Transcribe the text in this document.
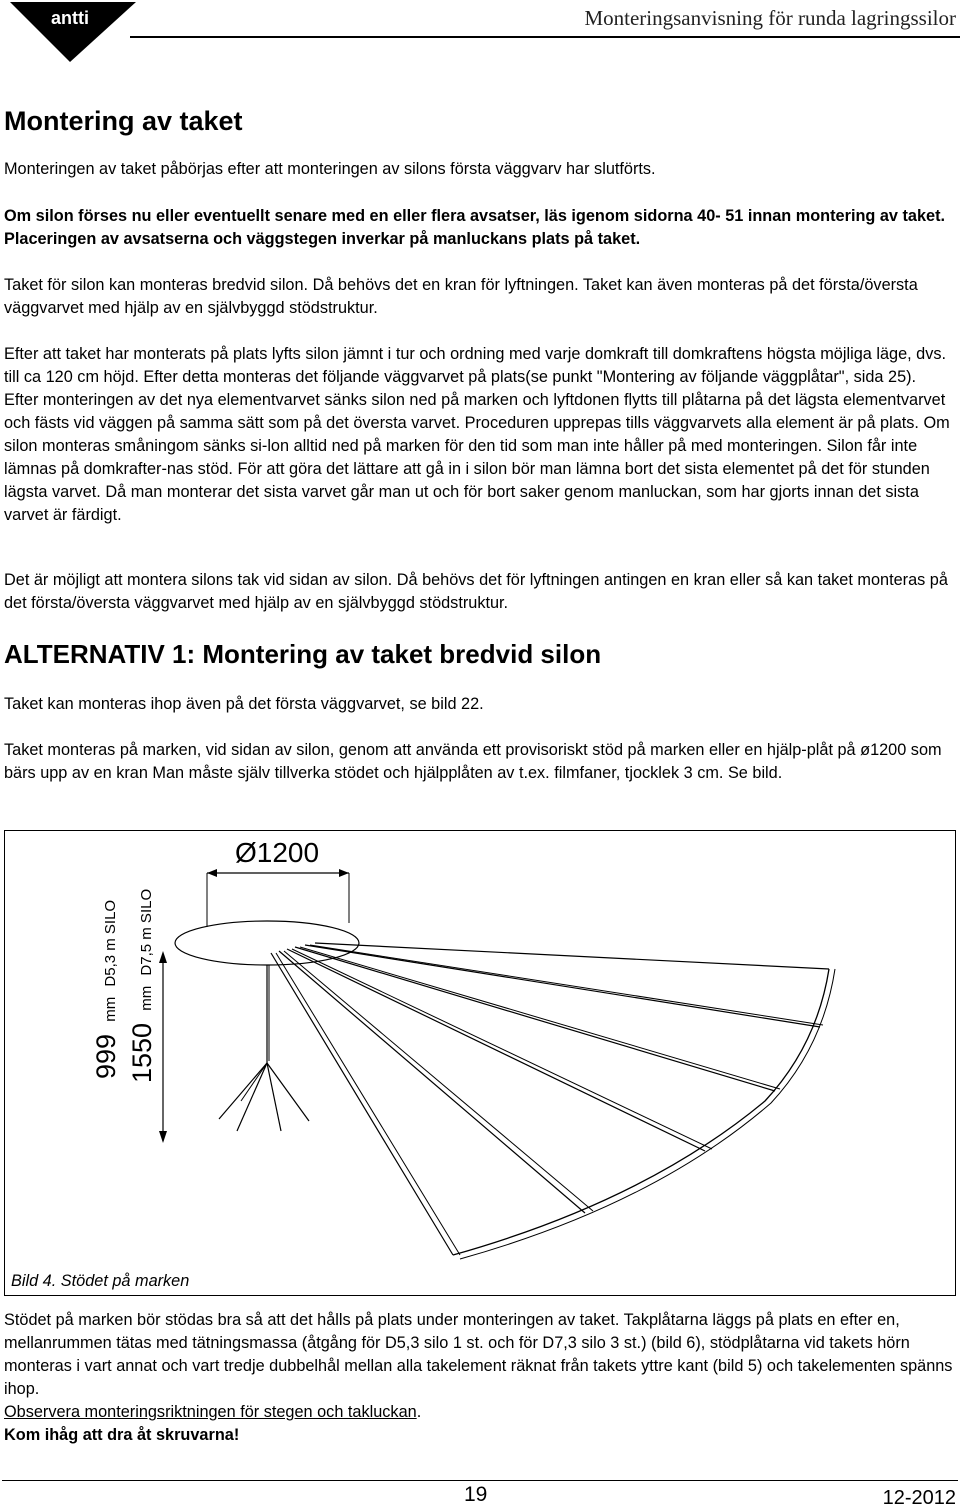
antti	Monteringsanvisning för runda lagringssilor
Montering av taket

Monteringen av taket påbörjas efter att monteringen av silons första väggvarv har slutförts.

Om silon förses nu eller eventuellt senare med en eller flera avsatser, läs igenom sidorna 40- 51 innan montering av taket. Placeringen av avsatserna och väggstegen inverkar på manluckans plats på taket.

Taket för silon kan monteras bredvid silon. Då behövs det en kran för lyftningen. Taket kan även monteras på det första/översta väggvarvet med hjälp av en självbyggd stödstruktur.

Efter att taket har monterats på plats lyfts silon jämnt i tur och ordning med varje domkraft till domkraftens högsta möjliga läge, dvs. till ca 120 cm höjd. Efter detta monteras det följande väggvarvet på plats(se punkt "Montering av följande väggplåtar", sida 25). Efter monteringen av det nya elementvarvet sänks silon ned på marken och lyftdonen flytts till plåtarna på det lägsta elementvarvet och fästs vid väggen på samma sätt som på det översta varvet. Proceduren upprepas tills väggvarvets alla element är på plats. Om silon monteras småningom sänks si-lon alltid ned på marken för den tid som man inte håller på med monteringen. Silon får inte lämnas på domkrafter-nas stöd. För att göra det lättare att gå in i silon bör man lämna bort det sista elementet på det för stunden lägsta varvet. Då man monterar det sista varvet går man ut och för bort saker genom manluckan, som har gjorts innan det sista varvet är färdigt.

Det är möjligt att montera silons tak vid sidan av silon. Då behövs det för lyftningen antingen en kran eller så kan taket monteras på det första/översta väggvarvet med hjälp av en självbyggd stödstruktur.

ALTERNATIV 1: Montering av taket bredvid silon

Taket kan monteras ihop även på det första väggvarvet, se bild 22.

Taket monteras på marken, vid sidan av silon, genom att använda ett provisoriskt stöd på marken eller en hjälp-plåt på ø1200 som bärs upp av en kran Man måste själv tillverka stödet och hjälpplåten av t.ex. filmfaner, tjocklek 3 cm. Se bild.

Ø1200
999 mm D5,3 m SILO
1550 mm D7,5 m SILO
Bild 4. Stödet på marken

Stödet på marken bör stödas bra så att det hålls på plats under monteringen av taket. Takplåtarna läggs på plats en efter en, mellanrummen tätas med tätningsmassa (åtgång för D5,3 silo 1 st. och för D7,3 silo 3 st.) (bild 6), stödplåtarna vid takets hörn monteras i vart annat och vart tredje dubbelhål mellan alla takelement räknat från takets yttre kant (bild 5) och takelementen spänns ihop.

Observera monteringsriktningen för stegen och takluckan.

Kom ihåg att dra åt skruvarna!

19	12-2012
